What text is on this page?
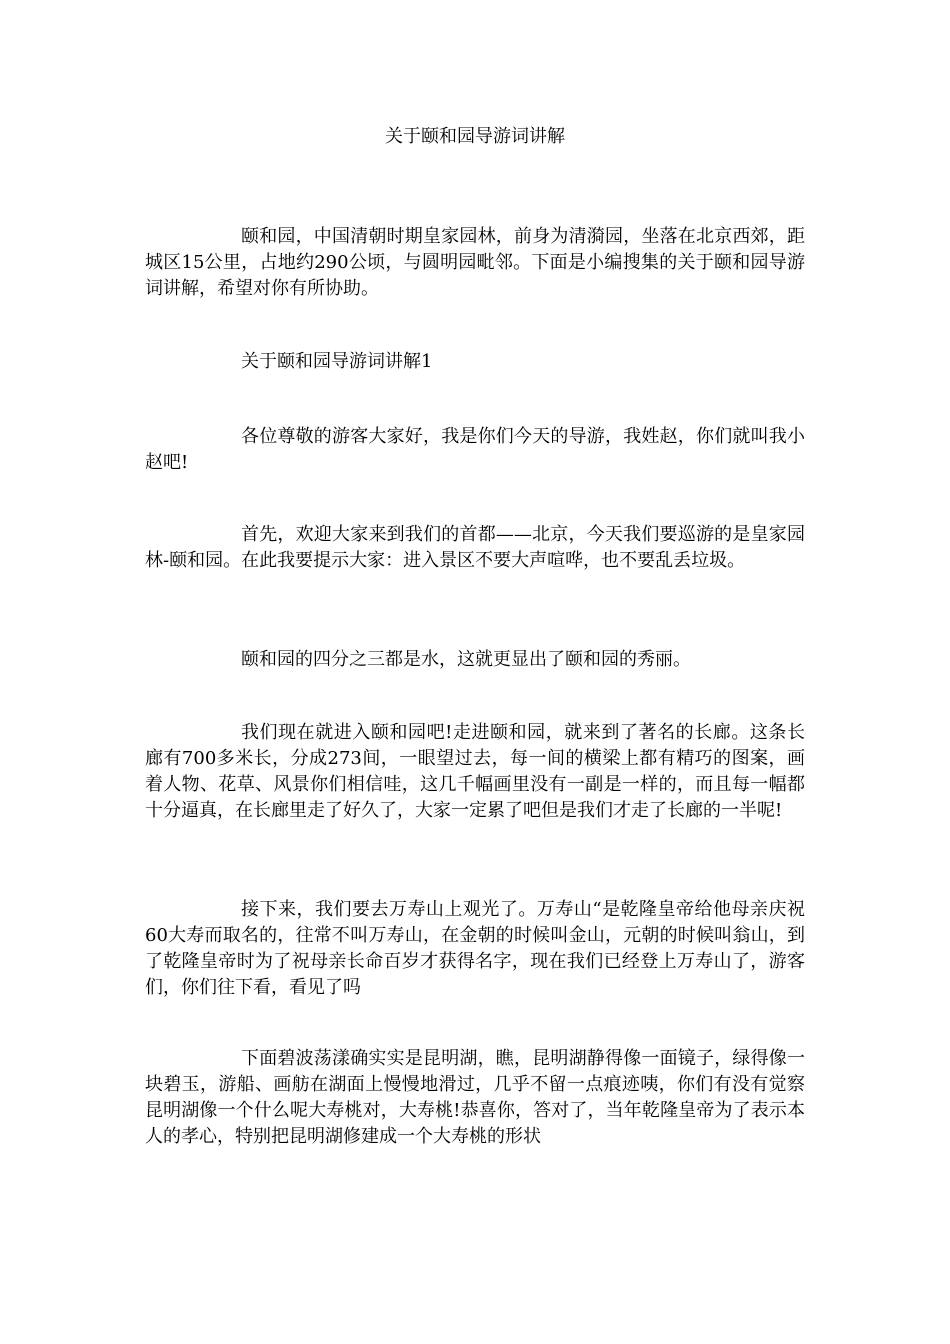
关于颐和园导游词讲解

颐和园，中国清朝时期皇家园林，前身为清漪园，坐落在北京西郊，距城区15公里，占地约290公顷，与圆明园毗邻。下面是小编搜集的关于颐和园导游词讲解，希望对你有所协助。

关于颐和园导游词讲解1

各位尊敬的游客大家好，我是你们今天的导游，我姓赵，你们就叫我小赵吧!

首先，欢迎大家来到我们的首都——北京，今天我们要巡游的是皇家园林-颐和园。在此我要提示大家：进入景区不要大声喧哗，也不要乱丢垃圾。

颐和园的四分之三都是水，这就更显出了颐和园的秀丽。

我们现在就进入颐和园吧!走进颐和园，就来到了著名的长廊。这条长廊有700多米长，分成273间，一眼望过去，每一间的横梁上都有精巧的图案，画着人物、花草、风景你们相信哇，这几千幅画里没有一副是一样的，而且每一幅都十分逼真，在长廊里走了好久了，大家一定累了吧但是我们才走了长廊的一半呢!

接下来，我们要去万寿山上观光了。万寿山“是乾隆皇帝给他母亲庆祝60大寿而取名的，往常不叫万寿山，在金朝的时候叫金山，元朝的时候叫翁山，到了乾隆皇帝时为了祝母亲长命百岁才获得名字，现在我们已经登上万寿山了，游客们，你们往下看，看见了吗

下面碧波荡漾确实实是昆明湖，瞧，昆明湖静得像一面镜子，绿得像一块碧玉，游船、画舫在湖面上慢慢地滑过，几乎不留一点痕迹咦，你们有没有觉察昆明湖像一个什么呢大寿桃对，大寿桃!恭喜你，答对了，当年乾隆皇帝为了表示本人的孝心，特别把昆明湖修建成一个大寿桃的形状
